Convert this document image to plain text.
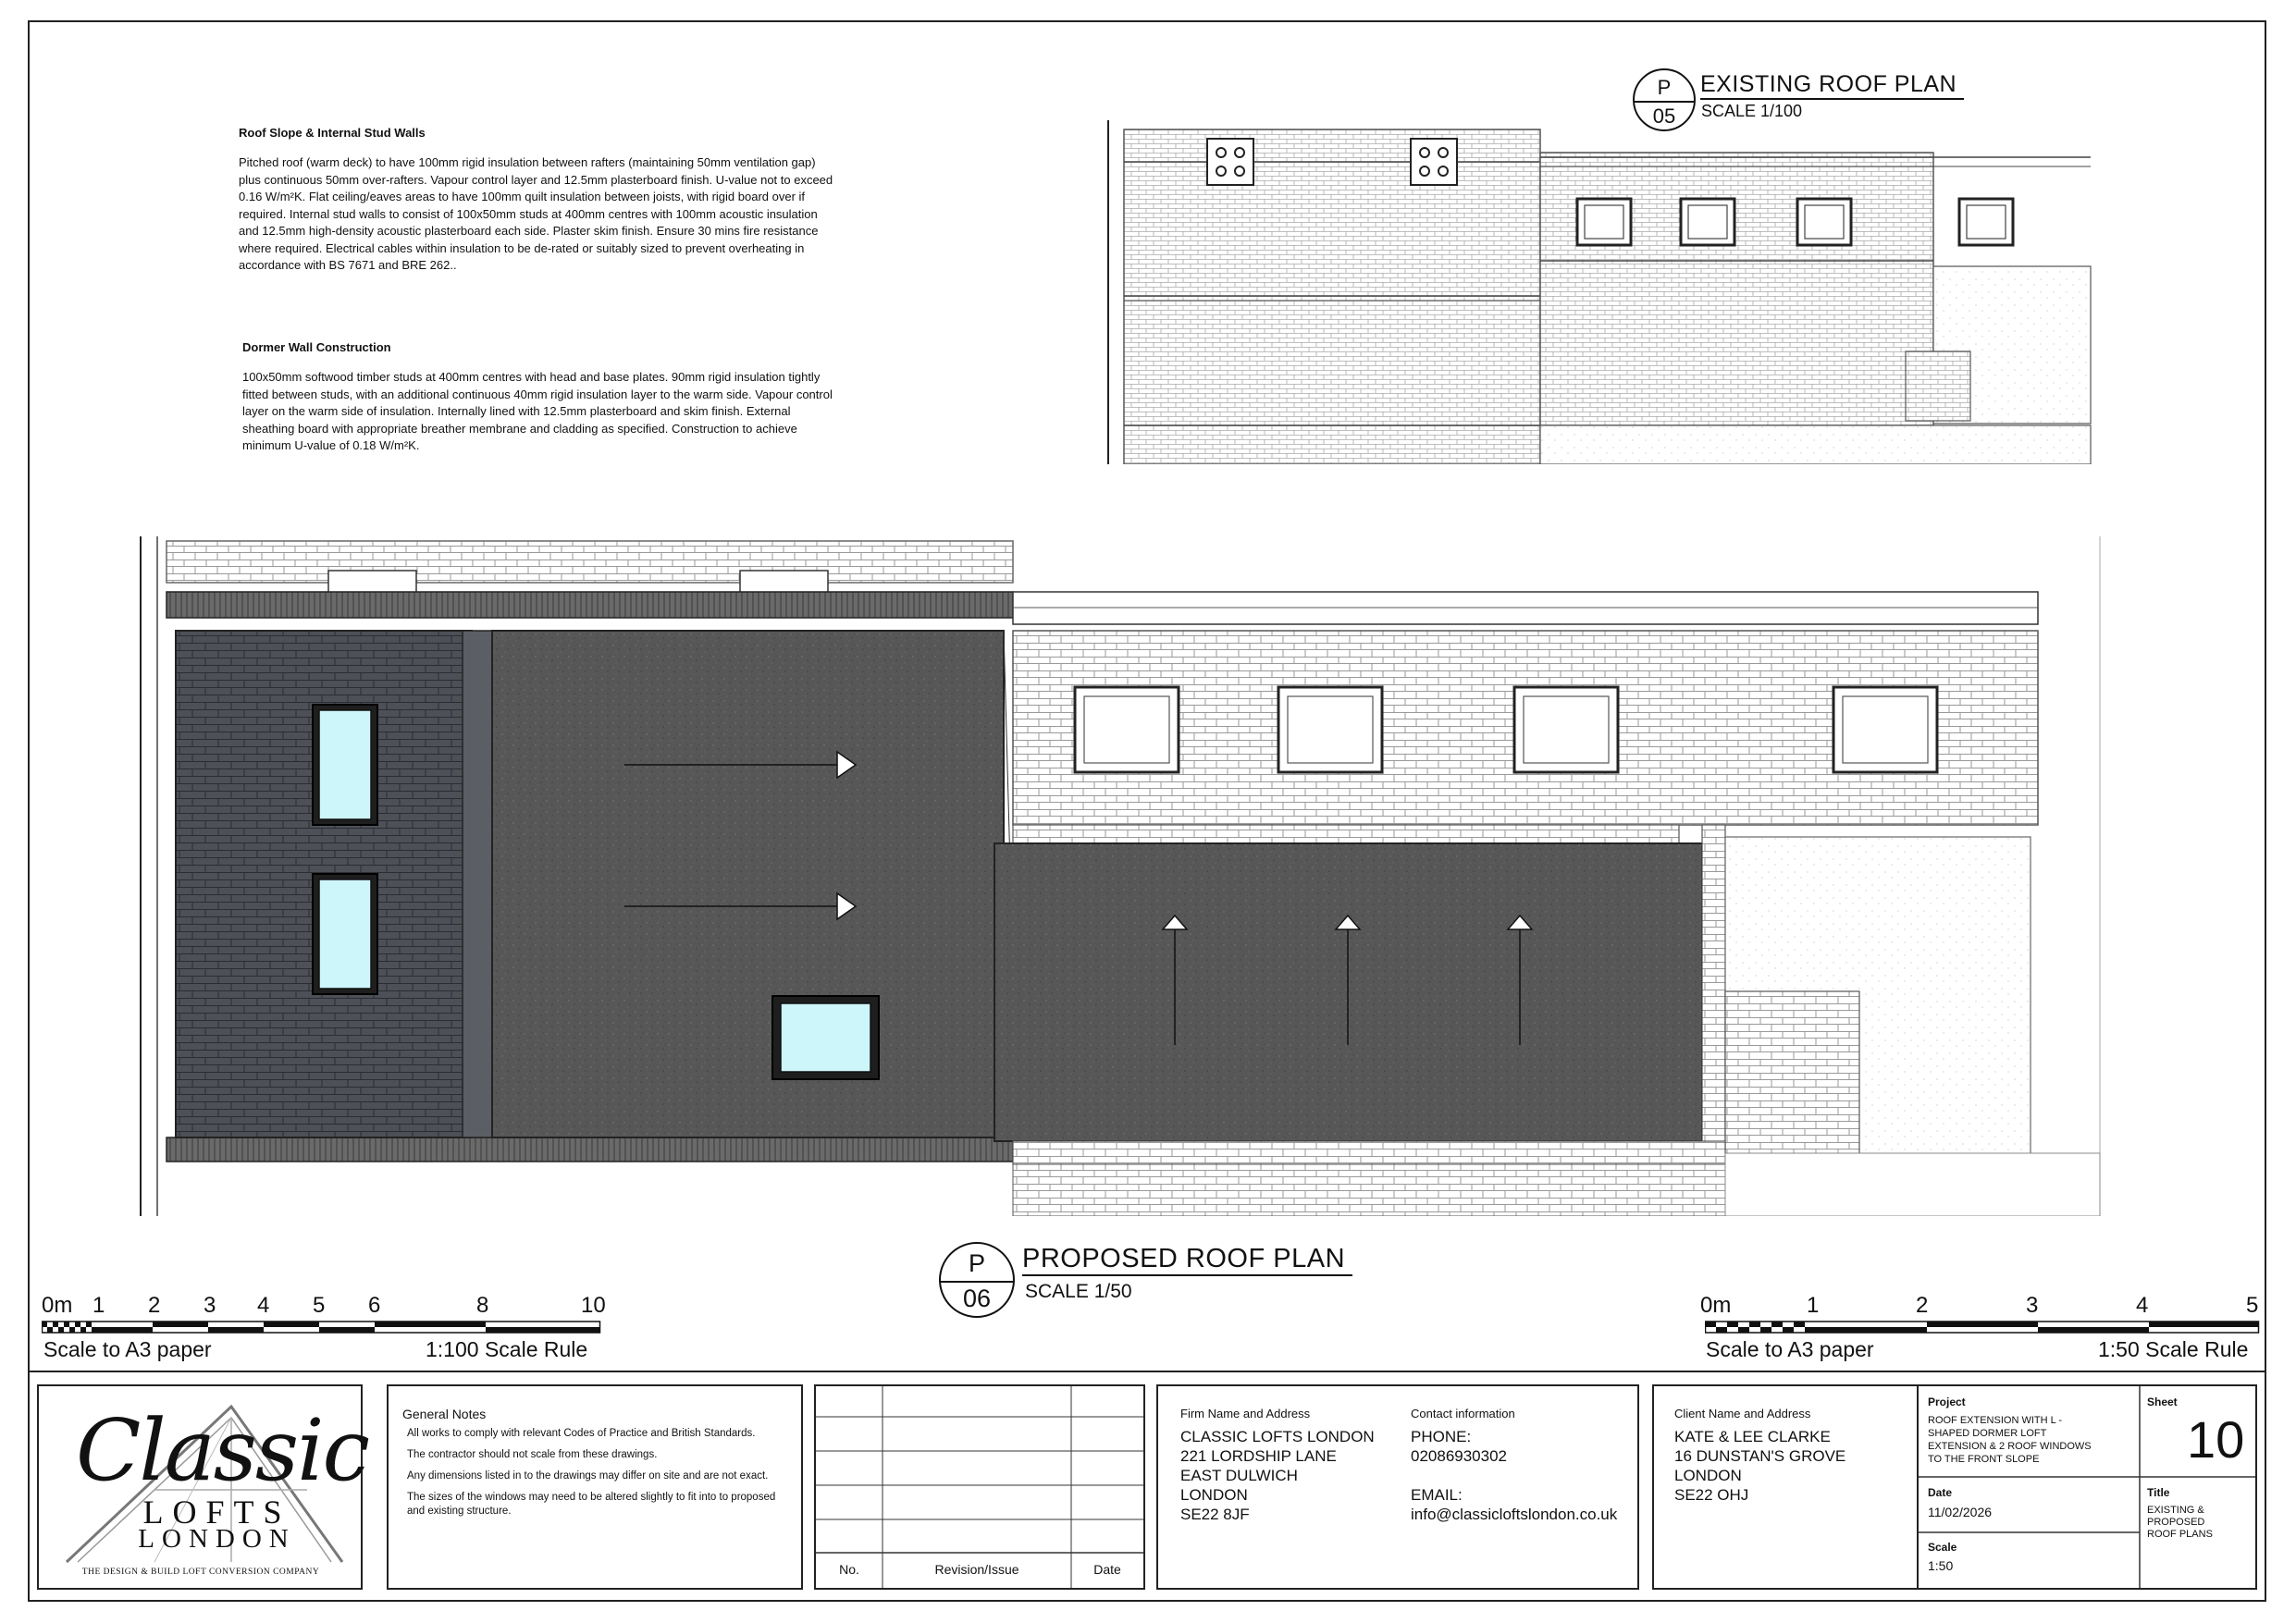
Roof Slope & Internal Stud Walls
Pitched roof (warm deck) to have 100mm rigid insulation between rafters (maintaining 50mm ventilation gap)
plus continuous 50mm over-rafters. Vapour control layer and 12.5mm plasterboard finish. U-value not to exceed
0.16 W/m²K. Flat ceiling/eaves areas to have 100mm quilt insulation between joists, with rigid board over if
required. Internal stud walls to consist of 100x50mm studs at 400mm centres with 100mm acoustic insulation
and 12.5mm high-density acoustic plasterboard each side. Plaster skim finish. Ensure 30 mins fire resistance
where required. Electrical cables within insulation to be de-rated or suitably sized to prevent overheating in
accordance with BS 7671 and BRE 262..
Dormer Wall Construction
100x50mm softwood timber studs at 400mm centres with head and base plates. 90mm rigid insulation tightly
fitted between studs, with an additional continuous 40mm rigid insulation layer to the warm side. Vapour control
layer on the warm side of insulation. Internally lined with 12.5mm plasterboard and skim finish. External
sheathing board with appropriate breather membrane and cladding as specified. Construction to achieve
minimum U-value of 0.18 W/m²K.
P
05
EXISTING ROOF PLAN
SCALE 1/100
P
06
PROPOSED ROOF PLAN
SCALE 1/50
0m 1 2 3 4 5 6	8	10
Scale to A3 paper	1:100 Scale Rule
0m	1	2	3	4	5
Scale to A3 paper	1:50 Scale Rule
Classic
LOFTS
LONDON
THE DESIGN & BUILD LOFT CONVERSION COMPANY
General Notes
All works to comply with relevant Codes of Practice and British Standards.
The contractor should not scale from these drawings.
Any dimensions listed in to the drawings may differ on site and are not exact.
The sizes of the windows may need to be altered slightly to fit into to proposed and existing structure.
No.	Revision/Issue	Date
Firm Name and Address
CLASSIC LOFTS LONDON
221 LORDSHIP LANE
EAST DULWICH
LONDON
SE22 8JF
Contact information
PHONE:
02086930302
EMAIL:
info@classicloftslondon.co.uk
Client Name and Address
KATE & LEE CLARKE
16 DUNSTAN'S GROVE
LONDON
SE22 OHJ
Project
ROOF EXTENSION WITH L -
SHAPED DORMER LOFT
EXTENSION & 2 ROOF WINDOWS
TO THE FRONT SLOPE
Sheet
10
Date
11/02/2026
Scale
1:50
Title
EXISTING &
PROPOSED
ROOF PLANS
